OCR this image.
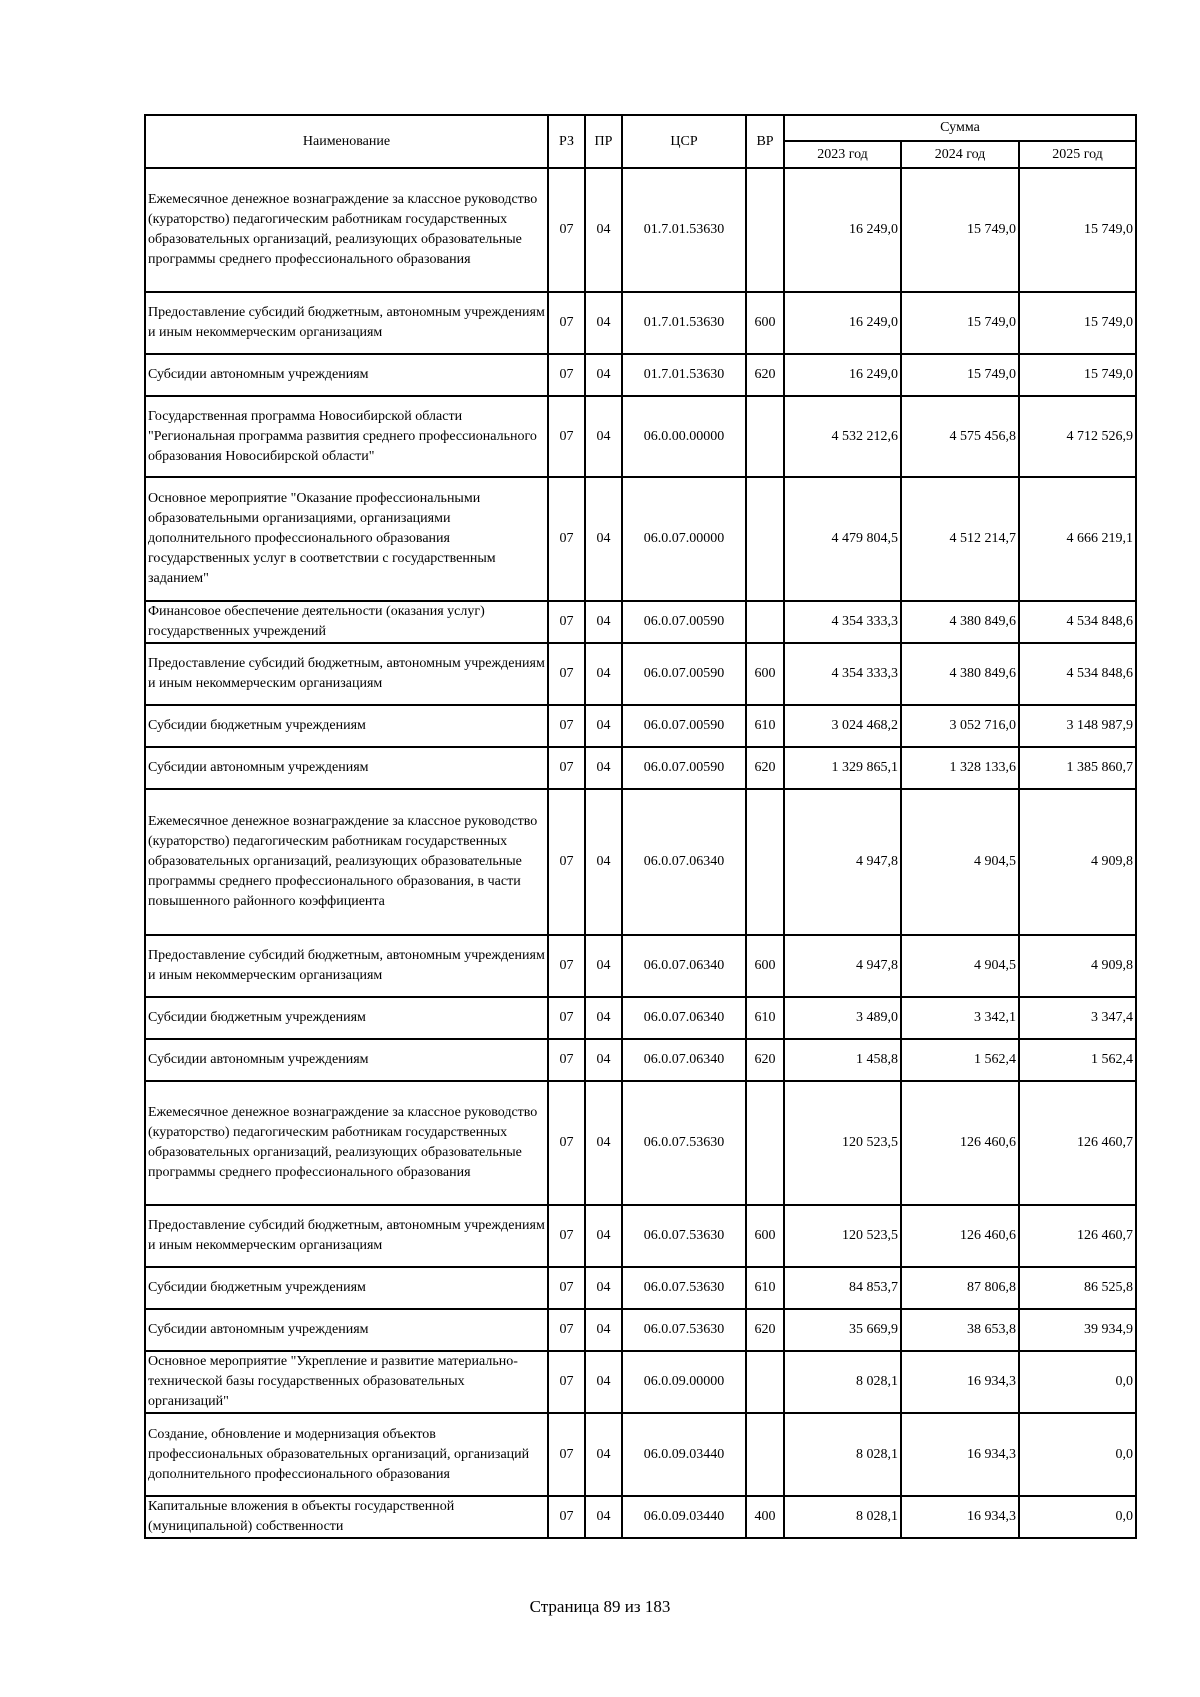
Наименование	РЗ	ПР	ЦСР	ВР	Сумма		
					2023 год	2024 год	2025 год
Ежемесячное денежное вознаграждение за классное руководство (кураторство) педагогическим работникам государственных образовательных организаций, реализующих образовательные программы среднего профессионального образования	07	04	01.7.01.53630		16 249,0	15 749,0	15 749,0
Предоставление субсидий бюджетным, автономным учреждениям и иным некоммерческим организациям	07	04	01.7.01.53630	600	16 249,0	15 749,0	15 749,0
Субсидии автономным учреждениям	07	04	01.7.01.53630	620	16 249,0	15 749,0	15 749,0
Государственная программа Новосибирской области "Региональная программа развития среднего профессионального образования Новосибирской области"	07	04	06.0.00.00000		4 532 212,6	4 575 456,8	4 712 526,9
Основное мероприятие "Оказание профессиональными образовательными организациями, организациями дополнительного профессионального образования государственных услуг в соответствии с государственным заданием"	07	04	06.0.07.00000		4 479 804,5	4 512 214,7	4 666 219,1
Финансовое обеспечение деятельности (оказания услуг) государственных учреждений	07	04	06.0.07.00590		4 354 333,3	4 380 849,6	4 534 848,6
Предоставление субсидий бюджетным, автономным учреждениям и иным некоммерческим организациям	07	04	06.0.07.00590	600	4 354 333,3	4 380 849,6	4 534 848,6
Субсидии бюджетным учреждениям	07	04	06.0.07.00590	610	3 024 468,2	3 052 716,0	3 148 987,9
Субсидии автономным учреждениям	07	04	06.0.07.00590	620	1 329 865,1	1 328 133,6	1 385 860,7
Ежемесячное денежное вознаграждение за классное руководство (кураторство) педагогическим работникам государственных образовательных организаций, реализующих образовательные программы среднего профессионального образования, в части повышенного районного коэффициента	07	04	06.0.07.06340		4 947,8	4 904,5	4 909,8
Предоставление субсидий бюджетным, автономным учреждениям и иным некоммерческим организациям	07	04	06.0.07.06340	600	4 947,8	4 904,5	4 909,8
Субсидии бюджетным учреждениям	07	04	06.0.07.06340	610	3 489,0	3 342,1	3 347,4
Субсидии автономным учреждениям	07	04	06.0.07.06340	620	1 458,8	1 562,4	1 562,4
Ежемесячное денежное вознаграждение за классное руководство (кураторство) педагогическим работникам государственных образовательных организаций, реализующих образовательные программы среднего профессионального образования	07	04	06.0.07.53630		120 523,5	126 460,6	126 460,7
Предоставление субсидий бюджетным, автономным учреждениям и иным некоммерческим организациям	07	04	06.0.07.53630	600	120 523,5	126 460,6	126 460,7
Субсидии бюджетным учреждениям	07	04	06.0.07.53630	610	84 853,7	87 806,8	86 525,8
Субсидии автономным учреждениям	07	04	06.0.07.53630	620	35 669,9	38 653,8	39 934,9
Основное мероприятие "Укрепление и развитие материально-технической базы государственных образовательных организаций"	07	04	06.0.09.00000		8 028,1	16 934,3	0,0
Создание, обновление и модернизация объектов профессиональных образовательных организаций, организаций дополнительного профессионального образования	07	04	06.0.09.03440		8 028,1	16 934,3	0,0
Капитальные вложения в объекты государственной (муниципальной) собственности	07	04	06.0.09.03440	400	8 028,1	16 934,3	0,0
Страница 89 из 183
